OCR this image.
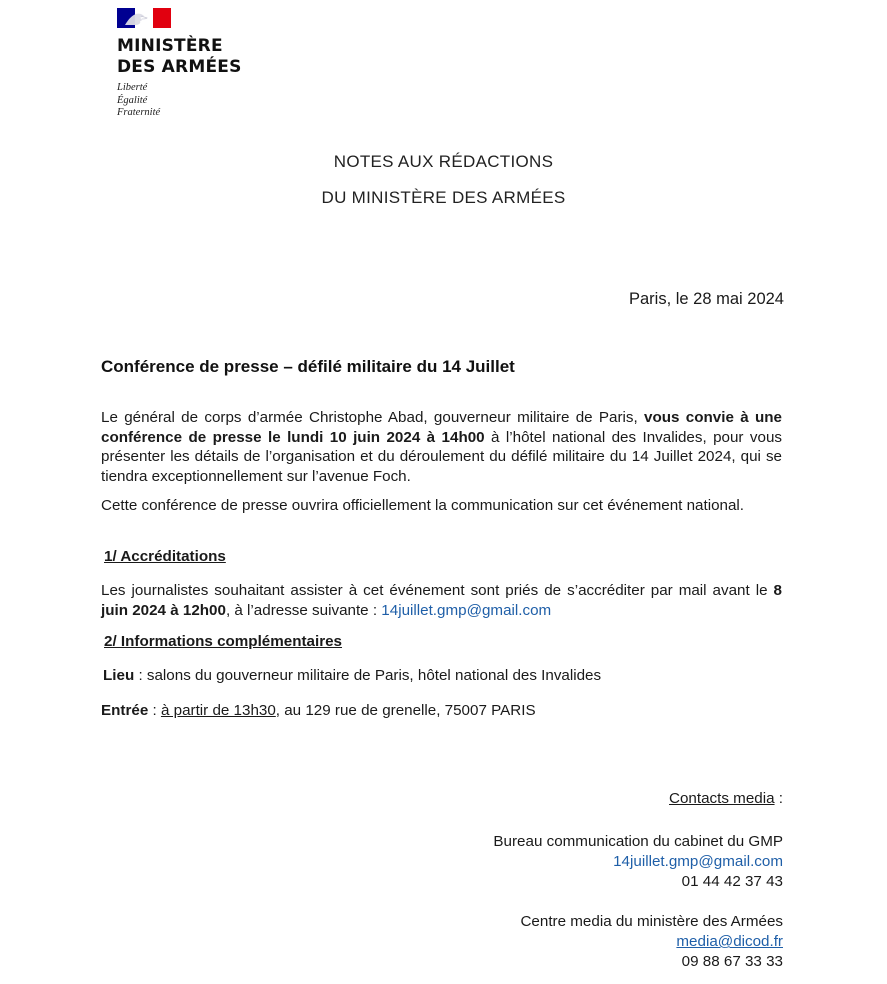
MINISTÈRE
DES ARMÉES
Liberté
Égalité
Fraternité
NOTES AUX RÉDACTIONS
DU MINISTÈRE DES ARMÉES
Paris, le 28 mai 2024
Conférence de presse – défilé militaire du 14 Juillet
Le général de corps d’armée Christophe Abad, gouverneur militaire de Paris, vous convie à une conférence de presse le lundi 10 juin 2024 à 14h00 à l’hôtel national des Invalides, pour vous présenter les détails de l’organisation et du déroulement du défilé militaire du 14 Juillet 2024, qui se tiendra exceptionnellement sur l’avenue Foch.
Cette conférence de presse ouvrira officiellement la communication sur cet événement national.
1/ Accréditations
Les journalistes souhaitant assister à cet événement sont priés de s’accréditer par mail avant le 8 juin 2024 à 12h00, à l’adresse suivante : 14juillet.gmp@gmail.com
2/ Informations complémentaires
Lieu : salons du gouverneur militaire de Paris, hôtel national des Invalides
Entrée : à partir de 13h30, au 129 rue de grenelle, 75007 PARIS
Contacts media :
Bureau communication du cabinet du GMP
14juillet.gmp@gmail.com
01 44 42 37 43
Centre media du ministère des Armées
media@dicod.fr
09 88 67 33 33
